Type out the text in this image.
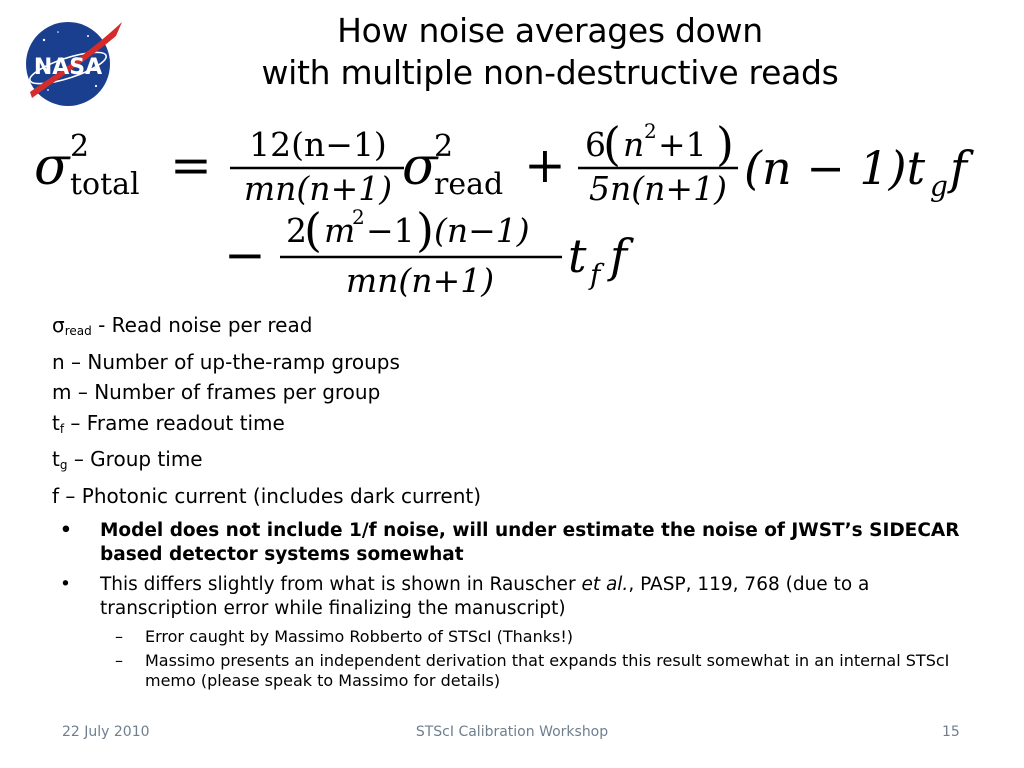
NASA
How noise averages down
with multiple non-destructive reads
σ 2
total = 12(n−1)
mn(n+1) σ
2
read + 6
( n 2 +1 )
5n(n+1) (n − 1)t g f
− 2
( m
2 −1 ) (n−1)
mn(n+1) t f f
$\sigma_{read}$ - Read noise per read
n – Number of up-the-ramp groups
m – Number of frames per group
$t_f$ – Frame readout time
$t_g$ – Group time
f – Photonic current (includes dark current)
• Model does not include 1/f noise, will under estimate the noise of JWST’s SIDECAR based detector systems somewhat
• This differs slightly from what is shown in Rauscher et al., PASP, 119, 768 (due to a transcription error while finalizing the manuscript)
– Error caught by Massimo Robberto of STScI (Thanks!)
– Massimo presents an independent derivation that expands this result somewhat in an internal STScI memo (please speak to Massimo for details)
22 July 2010	STScI Calibration Workshop	15
